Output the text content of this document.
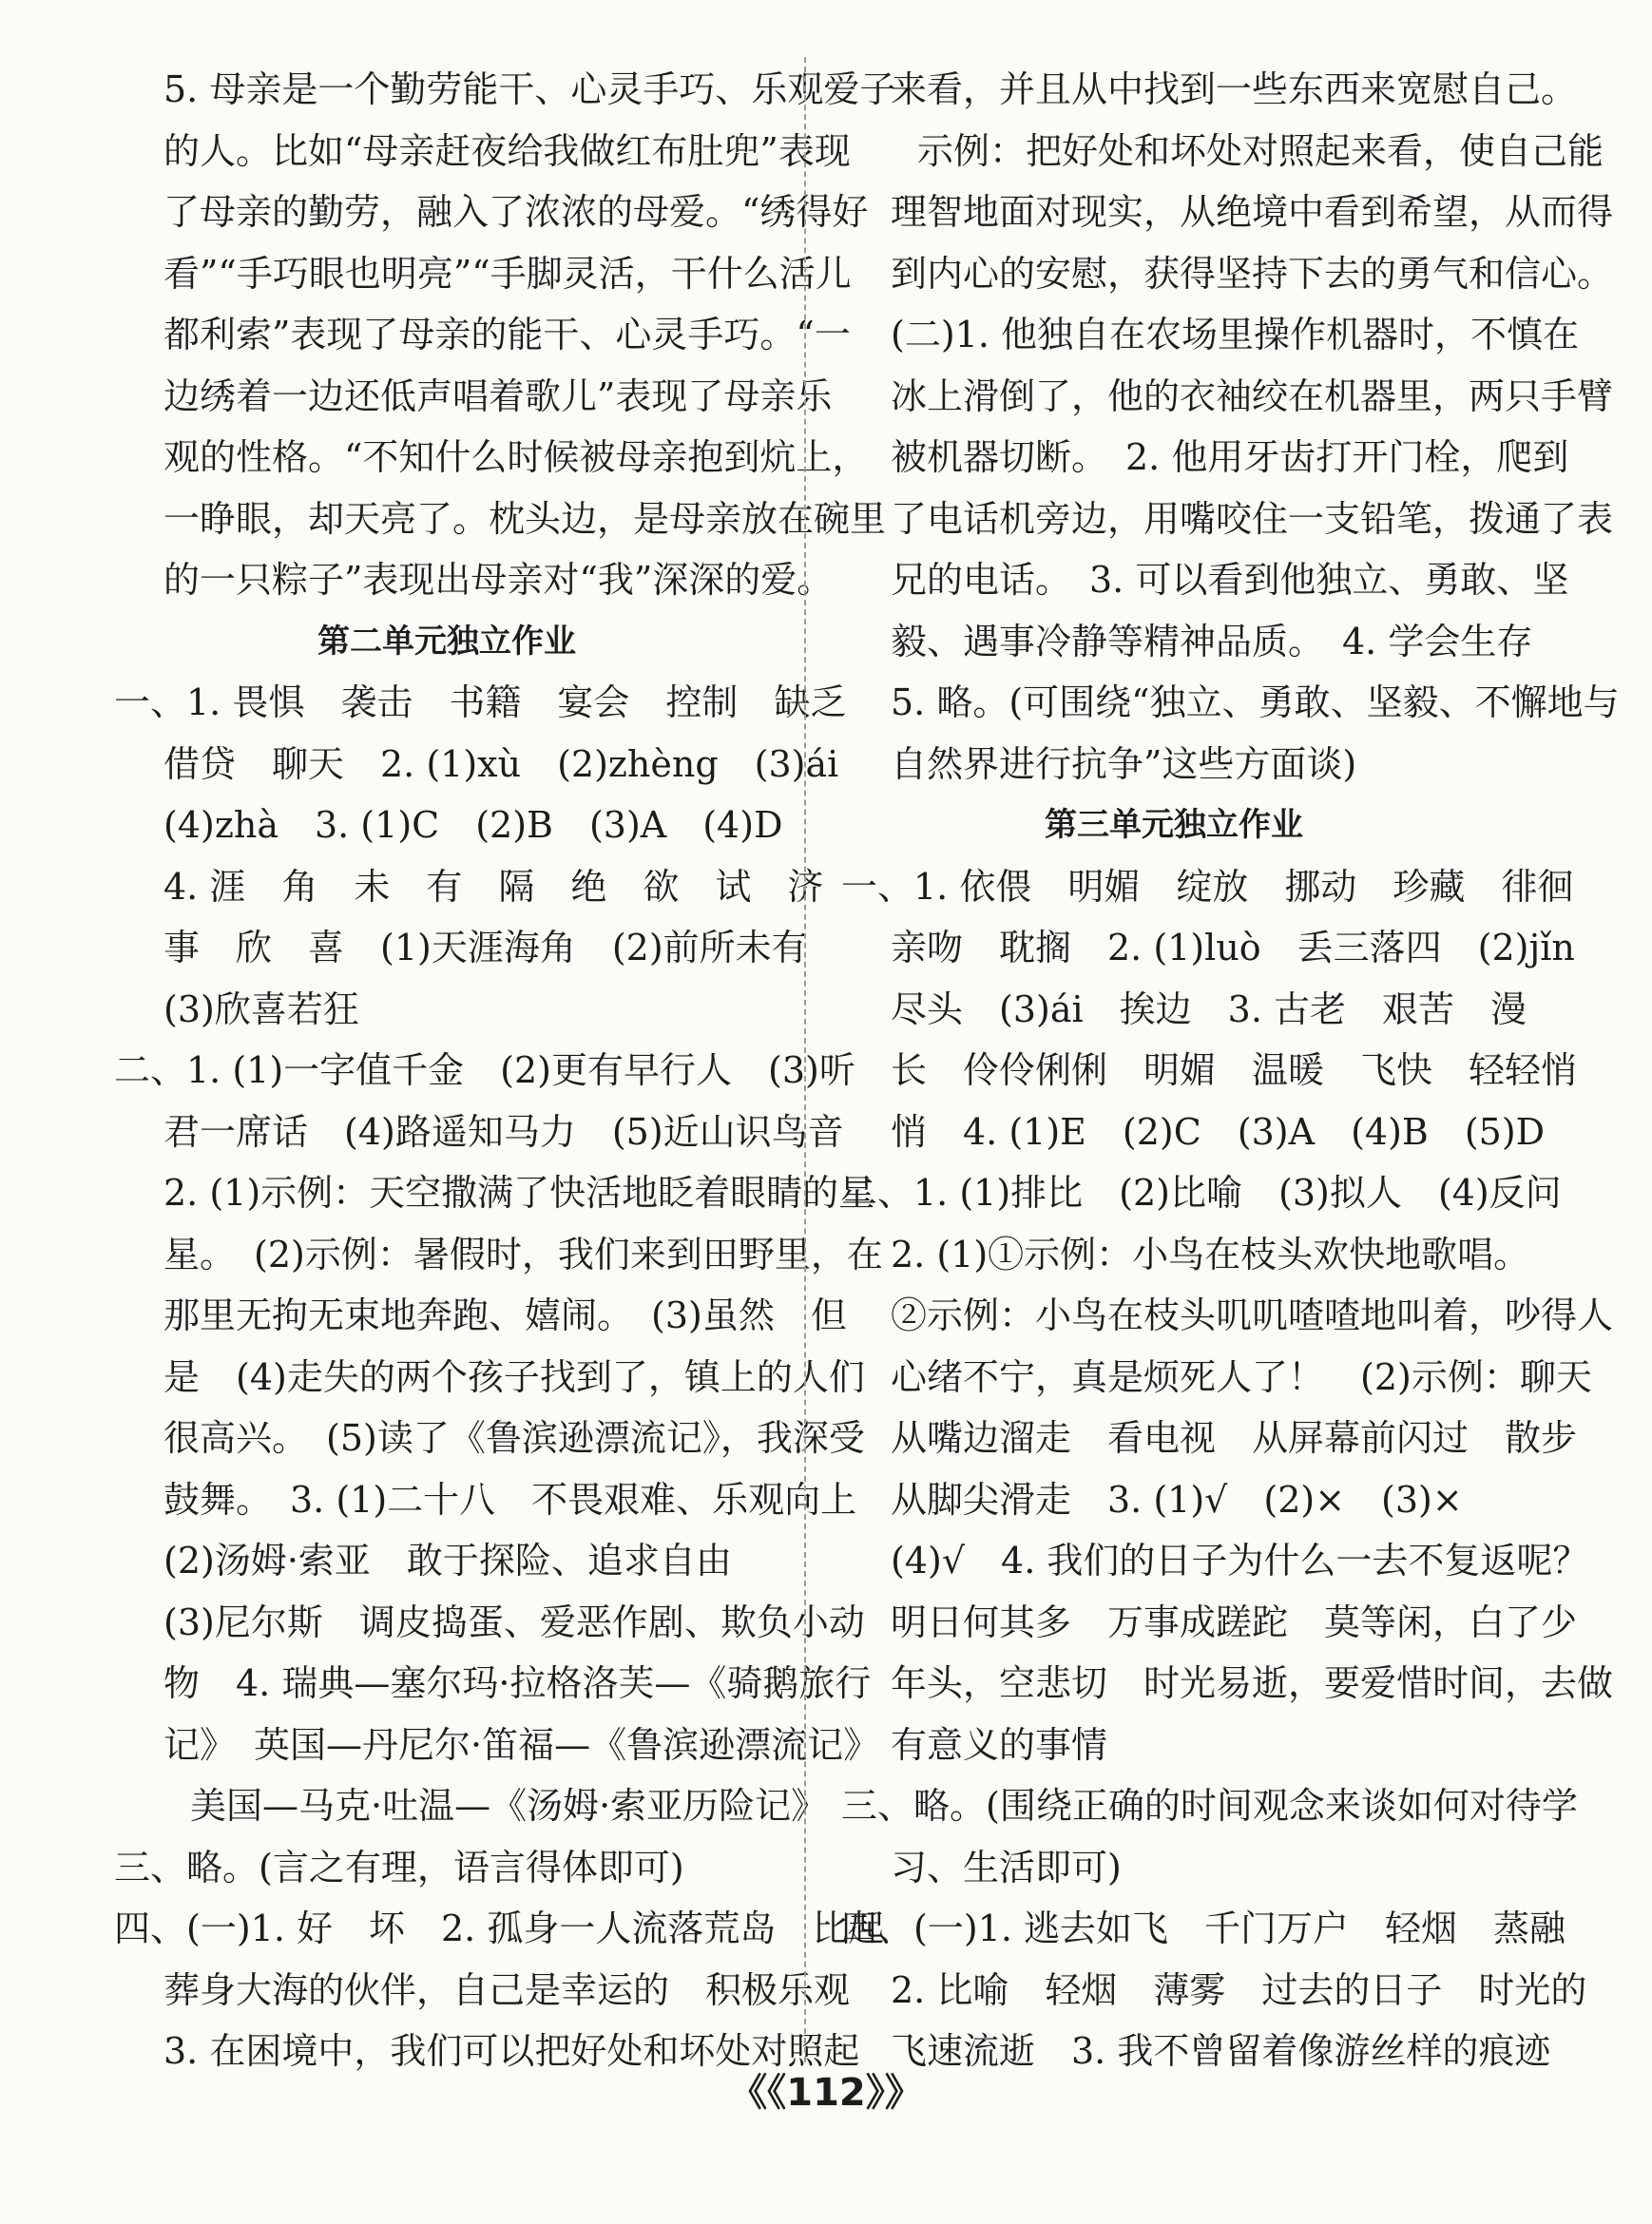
5. 母亲是一个勤劳能干、心灵手巧、乐观爱子
的人。比如“母亲赶夜给我做红布肚兜”表现
了母亲的勤劳，融入了浓浓的母爱。“绣得好
看”“手巧眼也明亮”“手脚灵活，干什么活儿
都利索”表现了母亲的能干、心灵手巧。“一
边绣着一边还低声唱着歌儿”表现了母亲乐
观的性格。“不知什么时候被母亲抱到炕上，
一睁眼，却天亮了。枕头边，是母亲放在碗里
的一只粽子”表现出母亲对“我”深深的爱。
第二单元独立作业
一、1. 畏惧　袭击　书籍　宴会　控制　缺乏
借贷　聊天　2. (1)xù　(2)zhèng　(3)ái
(4)zhà　3. (1)C　(2)B　(3)A　(4)D
4. 涯　角　未　有　隔　绝　欲　试　济
事　欣　喜　(1)天涯海角　(2)前所未有
(3)欣喜若狂
二、1. (1)一字值千金　(2)更有早行人　(3)听
君一席话　(4)路遥知马力　(5)近山识鸟音
2. (1)示例：天空撒满了快活地眨着眼睛的星
星。　(2)示例：暑假时，我们来到田野里，在
那里无拘无束地奔跑、嬉闹。　(3)虽然　但
是　(4)走失的两个孩子找到了，镇上的人们
很高兴。　(5)读了《鲁滨逊漂流记》，我深受
鼓舞。　3. (1)二十八　不畏艰难、乐观向上
(2)汤姆·索亚　敢于探险、追求自由
(3)尼尔斯　调皮捣蛋、爱恶作剧、欺负小动
物　4. 瑞典—塞尔玛·拉格洛芙—《骑鹅旅行
记》　英国—丹尼尔·笛福—《鲁滨逊漂流记》
美国—马克·吐温—《汤姆·索亚历险记》
三、略。(言之有理，语言得体即可)
四、(一)1. 好　坏　2. 孤身一人流落荒岛　比起
葬身大海的伙伴，自己是幸运的　积极乐观
3. 在困境中，我们可以把好处和坏处对照起
来看，并且从中找到一些东西来宽慰自己。
示例：把好处和坏处对照起来看，使自己能
理智地面对现实，从绝境中看到希望，从而得
到内心的安慰，获得坚持下去的勇气和信心。
(二)1. 他独自在农场里操作机器时，不慎在
冰上滑倒了，他的衣袖绞在机器里，两只手臂
被机器切断。　2. 他用牙齿打开门栓，爬到
了电话机旁边，用嘴咬住一支铅笔，拨通了表
兄的电话。　3. 可以看到他独立、勇敢、坚
毅、遇事冷静等精神品质。　4. 学会生存
5. 略。(可围绕“独立、勇敢、坚毅、不懈地与
自然界进行抗争”这些方面谈)
第三单元独立作业
一、1. 依偎　明媚　绽放　挪动　珍藏　徘徊
亲吻　耽搁　2. (1)luò　丢三落四　(2)jǐn
尽头　(3)ái　挨边　3. 古老　艰苦　漫
长　伶伶俐俐　明媚　温暖　飞快　轻轻悄
悄　4. (1)E　(2)C　(3)A　(4)B　(5)D
二、1. (1)排比　(2)比喻　(3)拟人　(4)反问
2. (1)①示例：小鸟在枝头欢快地歌唱。
②示例：小鸟在枝头叽叽喳喳地叫着，吵得人
心绪不宁，真是烦死人了！　(2)示例：聊天
从嘴边溜走　看电视　从屏幕前闪过　散步
从脚尖滑走　3. (1)√　(2)×　(3)×
(4)√　4. 我们的日子为什么一去不复返呢？
明日何其多　万事成蹉跎　莫等闲，白了少
年头，空悲切　时光易逝，要爱惜时间，去做
有意义的事情
三、略。(围绕正确的时间观念来谈如何对待学
习、生活即可)
四、(一)1. 逃去如飞　千门万户　轻烟　蒸融
2. 比喻　轻烟　薄雾　过去的日子　时光的
飞速流逝　3. 我不曾留着像游丝样的痕迹
《《112》》
